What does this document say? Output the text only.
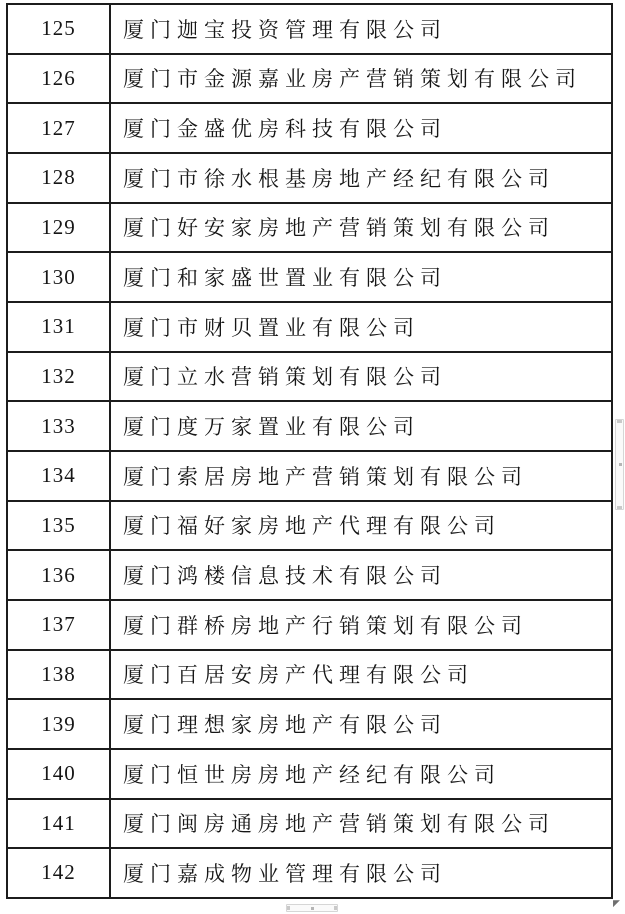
125	厦门迦宝投资管理有限公司
126	厦门市金源嘉业房产营销策划有限公司
127	厦门金盛优房科技有限公司
128	厦门市徐水根基房地产经纪有限公司
129	厦门好安家房地产营销策划有限公司
130	厦门和家盛世置业有限公司
131	厦门市财贝置业有限公司
132	厦门立水营销策划有限公司
133	厦门度万家置业有限公司
134	厦门索居房地产营销策划有限公司
135	厦门福好家房地产代理有限公司
136	厦门鸿楼信息技术有限公司
137	厦门群桥房地产行销策划有限公司
138	厦门百居安房产代理有限公司
139	厦门理想家房地产有限公司
140	厦门恒世房房地产经纪有限公司
141	厦门闽房通房地产营销策划有限公司
142	厦门嘉成物业管理有限公司
◤
